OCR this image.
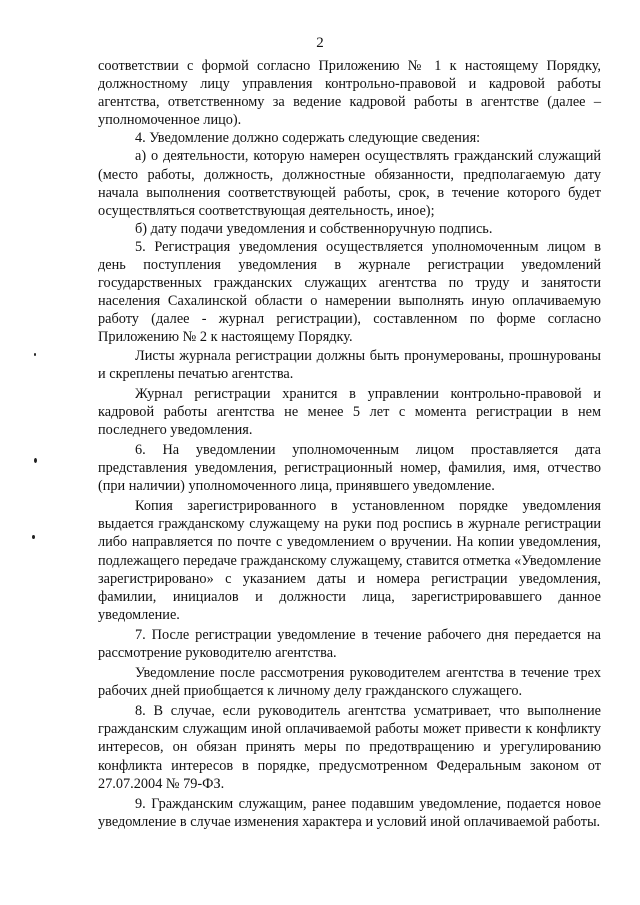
2

соответствии с формой согласно Приложению № 1 к настоящему Порядку, должностному лицу управления контрольно-правовой и кадровой работы агентства, ответственному за ведение кадровой работы в агентстве (далее – уполномоченное лицо).

4. Уведомление должно содержать следующие сведения:

а) о деятельности, которую намерен осуществлять гражданский служащий (место работы, должность, должностные обязанности, предполагаемую дату начала выполнения соответствующей работы, срок, в течение которого будет осуществляться соответствующая деятельность, иное);

б) дату подачи уведомления и собственноручную подпись.

5. Регистрация уведомления осуществляется уполномоченным лицом в день поступления уведомления в журнале регистрации уведомлений государственных гражданских служащих агентства по труду и занятости населения Сахалинской области о намерении выполнять иную оплачиваемую работу (далее - журнал регистрации), составленном по форме согласно Приложению № 2 к настоящему Порядку.

Листы журнала регистрации должны быть пронумерованы, прошнурованы и скреплены печатью агентства.

Журнал регистрации хранится в управлении контрольно-правовой и кадровой работы агентства не менее 5 лет с момента регистрации в нем последнего уведомления.

6. На уведомлении уполномоченным лицом проставляется дата представления уведомления, регистрационный номер, фамилия, имя, отчество (при наличии) уполномоченного лица, принявшего уведомление.

Копия зарегистрированного в установленном порядке уведомления выдается гражданскому служащему на руки под роспись в журнале регистрации либо направляется по почте с уведомлением о вручении. На копии уведомления, подлежащего передаче гражданскому служащему, ставится отметка «Уведомление зарегистрировано» с указанием даты и номера регистрации уведомления, фамилии, инициалов и должности лица, зарегистрировавшего данное уведомление.

7. После регистрации уведомление в течение рабочего дня передается на рассмотрение руководителю агентства.

Уведомление после рассмотрения руководителем агентства в течение трех рабочих дней приобщается к личному делу гражданского служащего.

8. В случае, если руководитель агентства усматривает, что выполнение гражданским служащим иной оплачиваемой работы может привести к конфликту интересов, он обязан принять меры по предотвращению и урегулированию конфликта интересов в порядке, предусмотренном Федеральным законом от 27.07.2004 № 79-ФЗ.

9. Гражданским служащим, ранее подавшим уведомление, подается новое уведомление в случае изменения характера и условий иной оплачиваемой работы.
